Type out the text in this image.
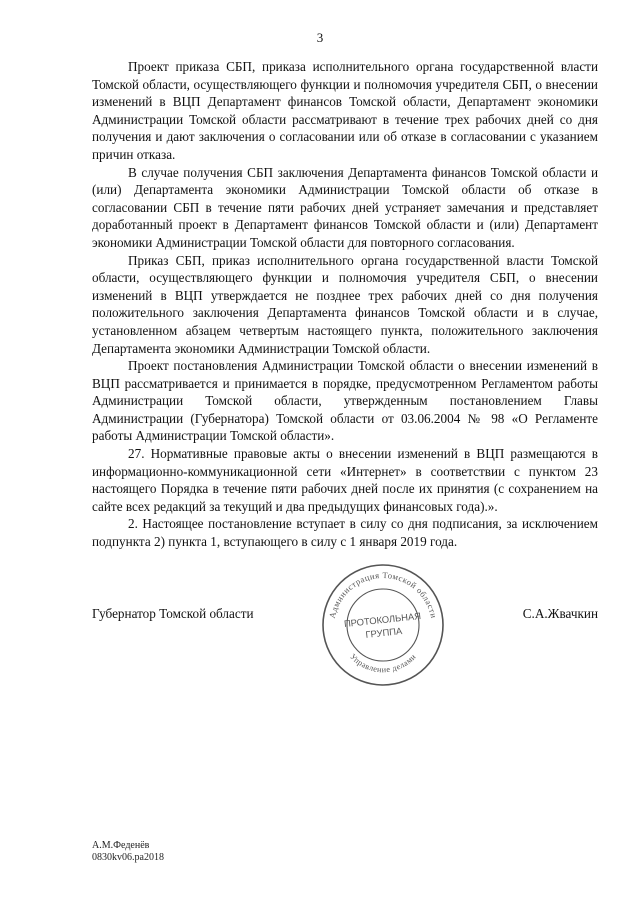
3

Проект приказа СБП, приказа исполнительного органа государственной власти Томской области, осуществляющего функции и полномочия учредителя СБП, о внесении изменений в ВЦП Департамент финансов Томской области, Департамент экономики Администрации Томской области рассматривают в течение трех рабочих дней со дня получения и дают заключения о согласовании или об отказе в согласовании с указанием причин отказа.

В случае получения СБП заключения Департамента финансов Томской области и (или) Департамента экономики Администрации Томской области об отказе в согласовании СБП в течение пяти рабочих дней устраняет замечания и представляет доработанный проект в Департамент финансов Томской области и (или) Департамент экономики Администрации Томской области для повторного согласования.

Приказ СБП, приказ исполнительного органа государственной власти Томской области, осуществляющего функции и полномочия учредителя СБП, о внесении изменений в ВЦП утверждается не позднее трех рабочих дней со дня получения положительного заключения Департамента финансов Томской области и в случае, установленном абзацем четвертым настоящего пункта, положительного заключения Департамента экономики Администрации Томской области.

Проект постановления Администрации Томской области о внесении изменений в ВЦП рассматривается и принимается в порядке, предусмотренном Регламентом работы Администрации Томской области, утвержденным постановлением Главы Администрации (Губернатора) Томской области от 03.06.2004 № 98 «О Регламенте работы Администрации Томской области».

27. Нормативные правовые акты о внесении изменений в ВЦП размещаются в информационно-коммуникационной сети «Интернет» в соответствии с пунктом 23 настоящего Порядка в течение пяти рабочих дней после их принятия (с сохранением на сайте всех редакций за текущий и два предыдущих финансовых года).».

2. Настоящее постановление вступает в силу со дня подписания, за исключением подпункта 2) пункта 1, вступающего в силу с 1 января 2019 года.

Губернатор Томской области	С.А.Жвачкин
Администрация Томской области
Управление делами
ПРОТОКОЛЬНАЯ
ГРУППА
А.М.Феденёв
0830kv06.pa2018
